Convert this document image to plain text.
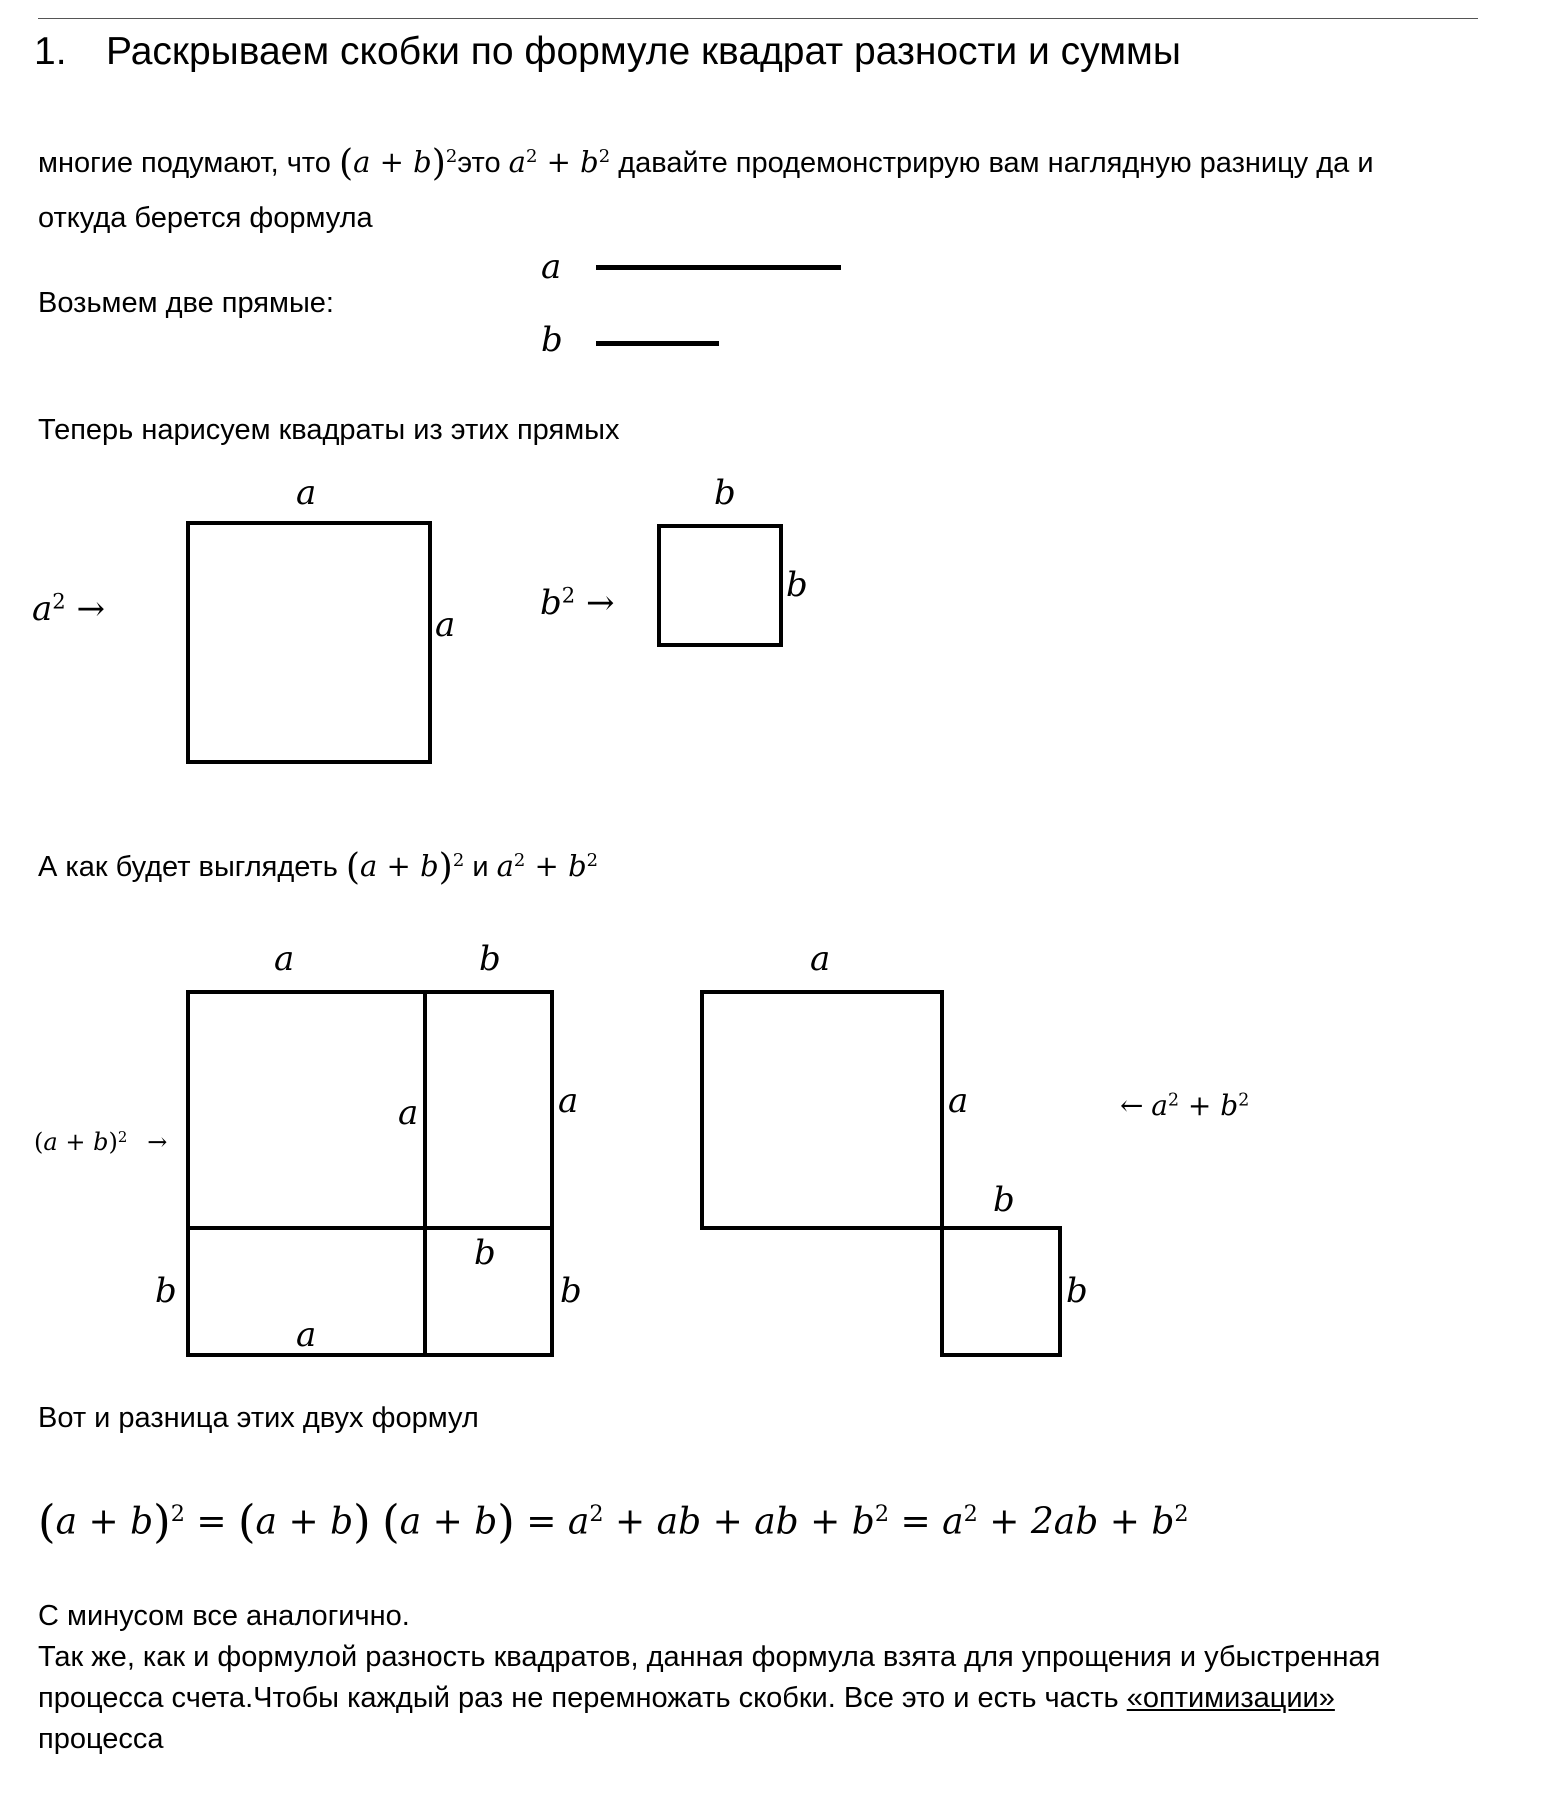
1. Раскрываем скобки по формуле квадрат разности и суммы
многие подумают, что $(a + b)^2это$ $a^2 + b^2$ давайте продемонстрирую вам наглядную разницу да и
откуда берется формула
Возьмем две прямые:
a
b
Теперь нарисуем квадраты из этих прямых
a
a
$a^2$ →
b
b
$b^2$ →
А как будет выглядеть $(a + b)^2$ и $a^2 + b^2$
a	b
a	a
b
b
a
b
$(a + b)^2$ →
a
a
b
b
← $a^2 + b^2$
Вот и разница этих двух формул
$(a + b)^2 = (a + b)$ $(a + b) = a^2$ + ab + ab + $b^2 = a^2 + 2ab + b^2$
С минусом все аналогично.
Так же, как и формулой разность квадратов, данная формула взята для упрощения и убыстренная
процесса счета.Чтобы каждый раз не перемножать скобки. Все это и есть часть «оптимизации»
процесса
